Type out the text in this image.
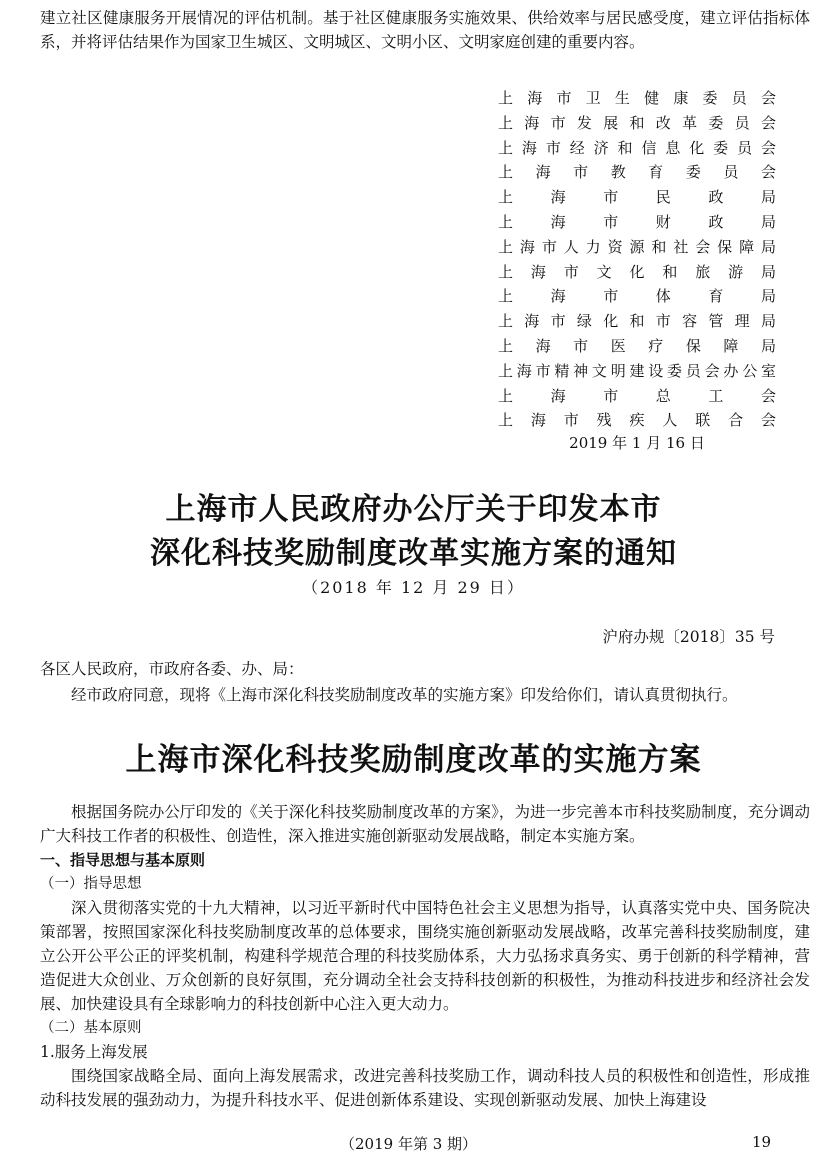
建立社区健康服务开展情况的评估机制。基于社区健康服务实施效果、供给效率与居民感受度，建立评估指标体系，并将评估结果作为国家卫生城区、文明城区、文明小区、文明家庭创建的重要内容。

上海市卫生健康委员会
上海市发展和改革委员会
上海市经济和信息化委员会
上海市教育委员会
上海市民政局
上海市财政局
上海市人力资源和社会保障局
上海市文化和旅游局
上海市体育局
上海市绿化和市容管理局
上海市医疗保障局
上海市精神文明建设委员会办公室
上海市总工会
上海市残疾人联合会
2019 年 1 月 16 日
上海市人民政府办公厅关于印发本市
深化科技奖励制度改革实施方案的通知
（2018 年 12 月 29 日）
沪府办规〔2018〕35 号
各区人民政府，市政府各委、办、局：
经市政府同意，现将《上海市深化科技奖励制度改革的实施方案》印发给你们，请认真贯彻执行。
上海市深化科技奖励制度改革的实施方案

根据国务院办公厅印发的《关于深化科技奖励制度改革的方案》，为进一步完善本市科技奖励制度，充分调动广大科技工作者的积极性、创造性，深入推进实施创新驱动发展战略，制定本实施方案。

一、指导思想与基本原则

（一）指导思想

深入贯彻落实党的十九大精神，以习近平新时代中国特色社会主义思想为指导，认真落实党中央、国务院决策部署，按照国家深化科技奖励制度改革的总体要求，围绕实施创新驱动发展战略，改革完善科技奖励制度，建立公开公平公正的评奖机制，构建科学规范合理的科技奖励体系，大力弘扬求真务实、勇于创新的科学精神，营造促进大众创业、万众创新的良好氛围，充分调动全社会支持科技创新的积极性，为推动科技进步和经济社会发展、加快建设具有全球影响力的科技创新中心注入更大动力。

（二）基本原则

1.服务上海发展

围绕国家战略全局、面向上海发展需求，改进完善科技奖励工作，调动科技人员的积极性和创造性，形成推动科技发展的强劲动力，为提升科技水平、促进创新体系建设、实现创新驱动发展、加快上海建设

（2019 年第 3 期）	19
